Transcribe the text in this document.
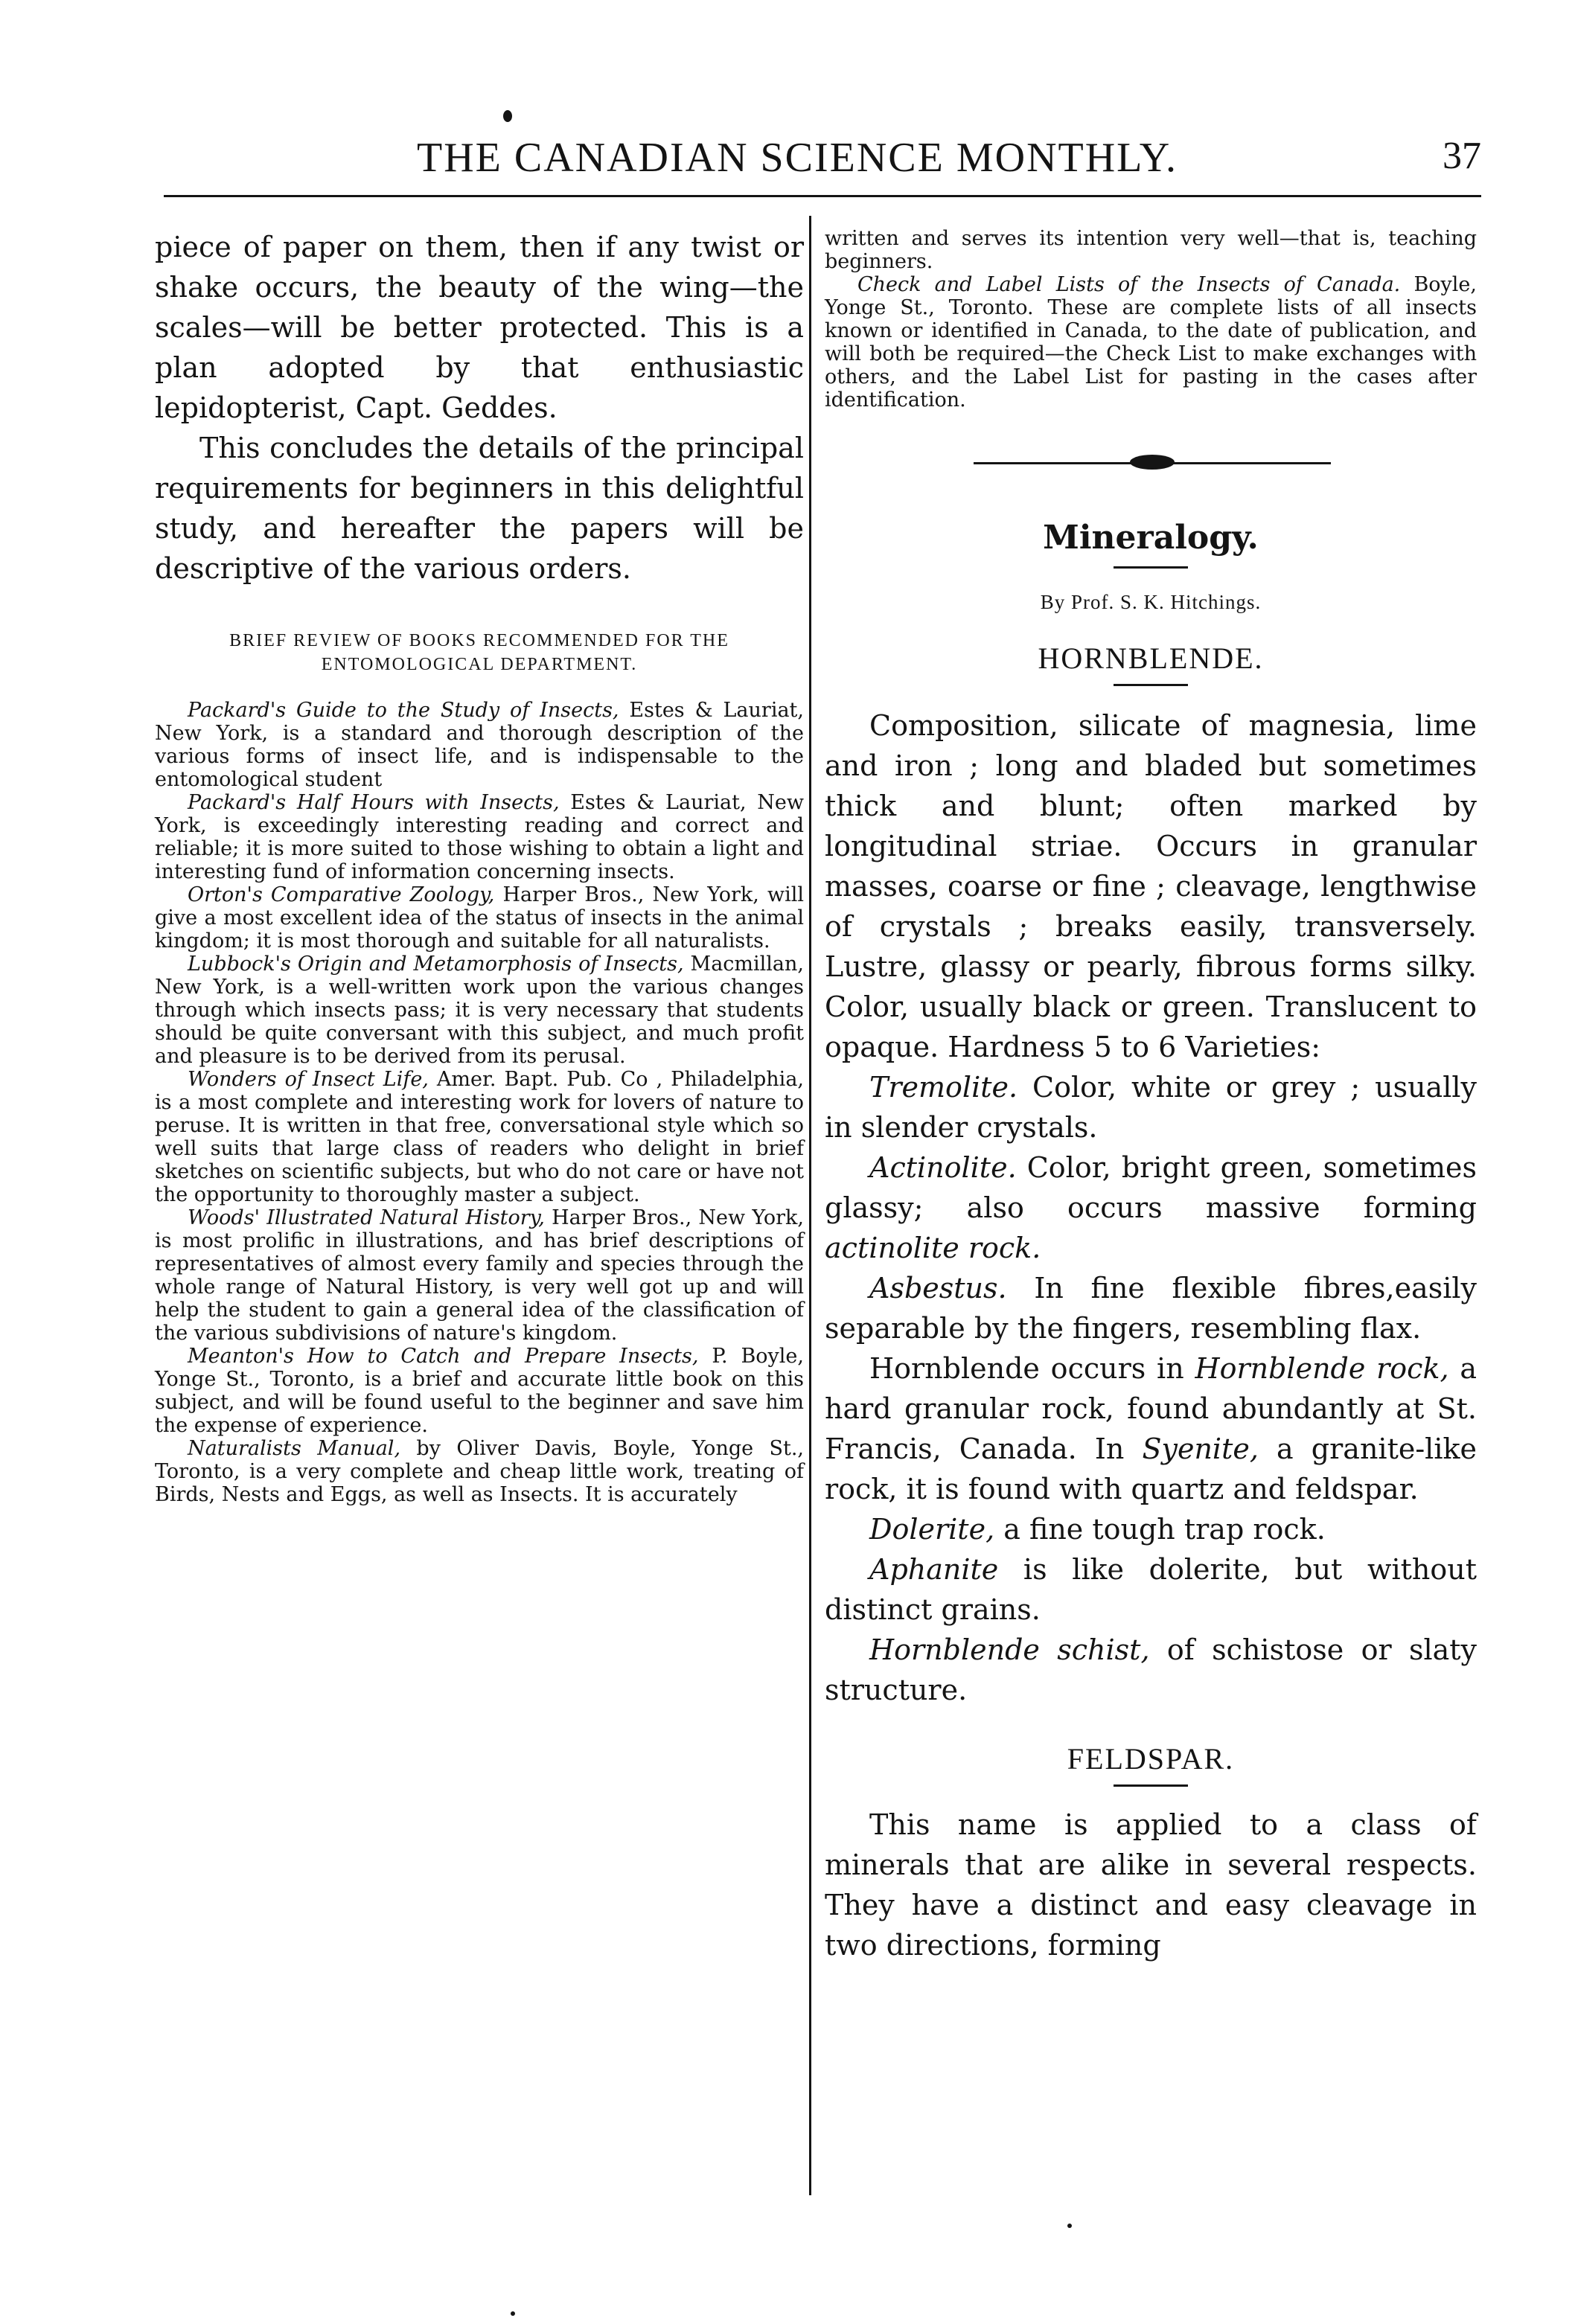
THE CANADIAN SCIENCE MONTHLY.	37

piece of paper on them, then if any twist or shake occurs, the beauty of the wing—the scales—will be better protected. This is a plan adopted by that enthusiastic lepidopterist, Capt. Geddes.

This concludes the details of the principal requirements for beginners in this delightful study, and hereafter the papers will be descriptive of the various orders.

BRIEF REVIEW OF BOOKS RECOMMENDED FOR THE ENTOMOLOGICAL DEPARTMENT.

Packard's Guide to the Study of Insects, Estes & Lauriat, New York, is a standard and thorough description of the various forms of insect life, and is indispensable to the entomological student

Packard's Half Hours with Insects, Estes & Lauriat, New York, is exceedingly interesting reading and correct and reliable; it is more suited to those wishing to obtain a light and interesting fund of information concerning insects.

Orton's Comparative Zoology, Harper Bros., New York, will give a most excellent idea of the status of insects in the animal kingdom; it is most thorough and suitable for all naturalists.

Lubbock's Origin and Metamorphosis of Insects, Macmillan, New York, is a well-written work upon the various changes through which insects pass; it is very necessary that students should be quite conversant with this subject, and much profit and pleasure is to be derived from its perusal.

Wonders of Insect Life, Amer. Bapt. Pub. Co , Philadelphia, is a most complete and interesting work for lovers of nature to peruse. It is written in that free, conversational style which so well suits that large class of readers who delight in brief sketches on scientific subjects, but who do not care or have not the opportunity to thoroughly master a subject.

Woods' Illustrated Natural History, Harper Bros., New York, is most prolific in illustrations, and has brief descriptions of representatives of almost every family and species through the whole range of Natural History, is very well got up and will help the student to gain a general idea of the classification of the various subdivisions of nature's kingdom.

Meanton's How to Catch and Prepare Insects, P. Boyle, Yonge St., Toronto, is a brief and accurate little book on this subject, and will be found useful to the beginner and save him the expense of experience.

Naturalists Manual, by Oliver Davis, Boyle, Yonge St., Toronto, is a very complete and cheap little work, treating of Birds, Nests and Eggs, as well as Insects. It is accurately

written and serves its intention very well—that is, teaching beginners.

Check and Label Lists of the Insects of Canada. Boyle, Yonge St., Toronto. These are complete lists of all insects known or identified in Canada, to the date of publication, and will both be required—the Check List to make exchanges with others, and the Label List for pasting in the cases after identification.

Mineralogy.
By Prof. S. K. Hitchings.
HORNBLENDE.

Composition, silicate of magnesia, lime and iron ; long and bladed but sometimes thick and blunt; often marked by longitudinal striae. Occurs in granular masses, coarse or fine ; cleavage, lengthwise of crystals ; breaks easily, transversely. Lustre, glassy or pearly, fibrous forms silky. Color, usually black or green. Translucent to opaque. Hardness 5 to 6 Varieties:

Tremolite. Color, white or grey ; usually in slender crystals.

Actinolite. Color, bright green, sometimes glassy; also occurs massive forming actinolite rock.

Asbestus. In fine flexible fibres,easily separable by the fingers, resembling flax.

Hornblende occurs in Hornblende rock, a hard granular rock, found abundantly at St. Francis, Canada. In Syenite, a granite-like rock, it is found with quartz and feldspar.

Dolerite, a fine tough trap rock.

Aphanite is like dolerite, but without distinct grains.

Hornblende schist, of schistose or slaty structure.

FELDSPAR.

This name is applied to a class of minerals that are alike in several respects. They have a distinct and easy cleavage in two directions, forming
